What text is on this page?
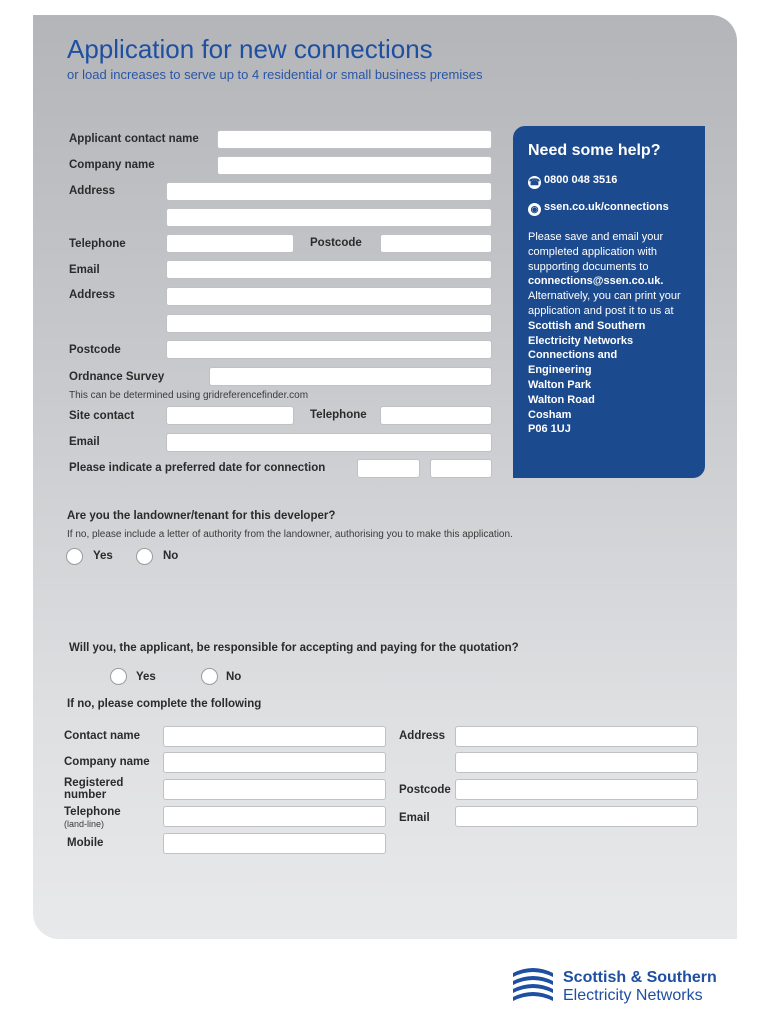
Application for new connections
or load increases to serve up to 4 residential or small business premises
Applicant contact name
Company name
Address
Telephone	Postcode
Email
Address
Postcode
Ordnance Survey
This can be determined using gridreferencefinder.com
Site contact	Telephone
Email
Please indicate a preferred date for connection
Need some help?
☎ 0800 048 3516
◉ ssen.co.uk/connections
Please save and email your completed application with supporting documents to
connections@ssen.co.uk.
Alternatively, you can print your application and post it to us at
Scottish and Southern
Electricity Networks
Connections and
Engineering
Walton Park
Walton Road
Cosham
P06 1UJ
Are you the landowner/tenant for this developer?
If no, please include a letter of authority from the landowner, authorising you to make this application.
Yes	No
Will you, the applicant, be responsible for accepting and paying for the quotation?
Yes	No
If no, please complete the following
Contact name
Company name
Registered
number
Telephone
(land-line)
Mobile
Address
Postcode
Email
Scottish & Southern
Electricity Networks
